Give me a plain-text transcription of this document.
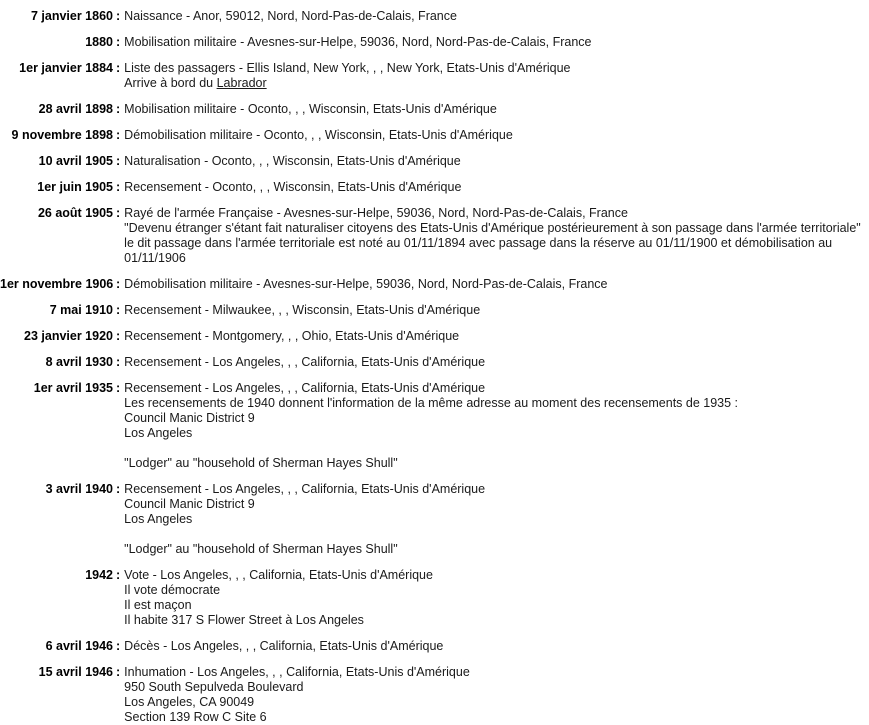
7 janvier 1860 : Naissance - Anor, 59012, Nord, Nord-Pas-de-Calais, France
1880 : Mobilisation militaire - Avesnes-sur-Helpe, 59036, Nord, Nord-Pas-de-Calais, France
1er janvier 1884 : Liste des passagers - Ellis Island, New York, , , New York, Etats-Unis d'Amérique
Arrive à bord du Labrador
28 avril 1898 : Mobilisation militaire - Oconto, , , Wisconsin, Etats-Unis d'Amérique
9 novembre 1898 : Démobilisation militaire - Oconto, , , Wisconsin, Etats-Unis d'Amérique
10 avril 1905 : Naturalisation - Oconto, , , Wisconsin, Etats-Unis d'Amérique
1er juin 1905 : Recensement - Oconto, , , Wisconsin, Etats-Unis d'Amérique
26 août 1905 : Rayé de l'armée Française - Avesnes-sur-Helpe, 59036, Nord, Nord-Pas-de-Calais, France
"Devenu étranger s'étant fait naturaliser citoyens des Etats-Unis d'Amérique postérieurement à son passage dans l'armée territoriale"
le dit passage dans l'armée territoriale est noté au 01/11/1894 avec passage dans la réserve au 01/11/1900 et démobilisation au 01/11/1906
1er novembre 1906 : Démobilisation militaire - Avesnes-sur-Helpe, 59036, Nord, Nord-Pas-de-Calais, France
7 mai 1910 : Recensement - Milwaukee, , , Wisconsin, Etats-Unis d'Amérique
23 janvier 1920 : Recensement - Montgomery, , , Ohio, Etats-Unis d'Amérique
8 avril 1930 : Recensement - Los Angeles, , , California, Etats-Unis d'Amérique
1er avril 1935 : Recensement - Los Angeles, , , California, Etats-Unis d'Amérique
Les recensements de 1940 donnent l'information de la même adresse au moment des recensements de 1935 :
Council Manic District 9
Los Angeles
"Lodger" au "household of Sherman Hayes Shull"
3 avril 1940 : Recensement - Los Angeles, , , California, Etats-Unis d'Amérique
Council Manic District 9
Los Angeles
"Lodger" au "household of Sherman Hayes Shull"
1942 : Vote - Los Angeles, , , California, Etats-Unis d'Amérique
Il vote démocrate
Il est maçon
Il habite 317 S Flower Street à Los Angeles
6 avril 1946 : Décès - Los Angeles, , , California, Etats-Unis d'Amérique
15 avril 1946 : Inhumation - Los Angeles, , , California, Etats-Unis d'Amérique
950 South Sepulveda Boulevard
Los Angeles, CA 90049
Section 139 Row C Site 6
